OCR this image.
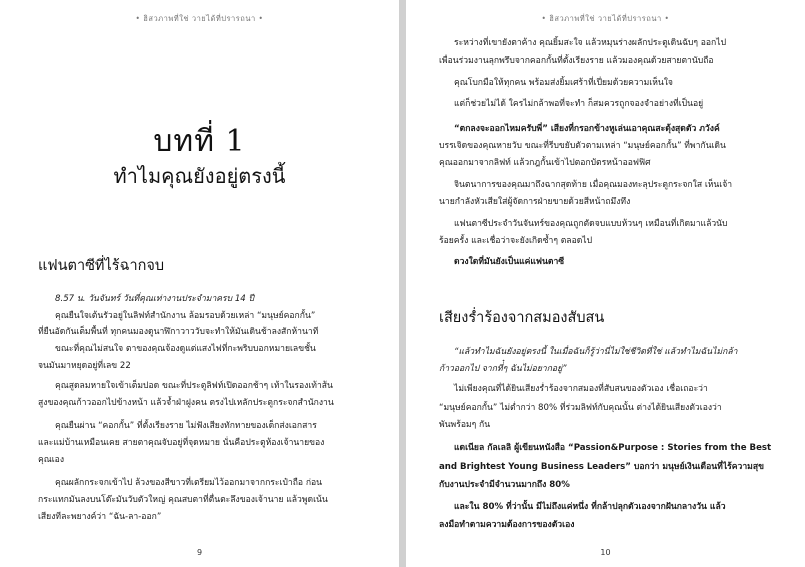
• ฮิสวภาพที่ใช่ วายได้ที่ปรารถนา •
บทที่ 1
ทำไมคุณยังอยู่ตรงนี้
แฟนตาซีที่ไร้ฉากจบ
8.57 น. วันจันทร์ วันที่คุณเท่างานประจำมาครบ 14 ปี
คุณยืนใจเต้นรัวอยู่ในลิฟท์สำนักงาน ล้อมรอบด้วยเหล่า “มนุษย์คอกกั้น”
ที่ยืนอัดกันเต็มพื้นที่ ทุกคนมองดูนาฬิกาวาววับจะทำให้มันเดินช้าลงสักห้านาที
ขณะที่คุณไม่สนใจ ตาของคุณจ้องดูแต่แสงไฟที่กะพริบบอกหมายเลขชั้น
จนมันมาหยุดอยู่ที่เลข 22
คุณสูดลมหายใจเข้าเต็มปอด ขณะที่ประตูลิฟท์เปิดออกช้าๆ เท้าในรองเท้าส้น
สูงของคุณก้าวออกไปข้างหน้า แล้วจ้ำฝ่าฝูงคน ตรงไปเหลักประตูกระจกสำนักงาน
คุณยืนผ่าน “คอกกั้น” ที่ตั้งเรียงราย ไม่ฟังเสียงทักทายของเด็กส่งเอกสาร
และแม่บ้านเหมือนเคย สายตาคุณจับอยู่ที่จุดหมาย นั่นคือประตูห้องเจ้านายของ
คุณเอง
คุณผลักกระจกเข้าไป ล้วงของสีขาวที่เตรียมไว้ออกมาจากกระเป๋าถือ ก่อน
กระแทกมันลงบนโต๊ะมันวับตัวใหญ่ คุณสบตาที่ตื่นตะลึงของเจ้านาย แล้วพูดเน้น
เสียงทีละพยางค์ว่า “ฉัน-ลา-ออก”
9
• ฮิสวภาพที่ใช่ วายได้ที่ปรารถนา •
ระหว่างที่เขายังตาค้าง คุณยิ้มสะใจ แล้วหมุนร่างผลักประตูเดินฉับๆ ออกไป
เพื่อนร่วมงานลุกพรึบจากคอกกั้นที่ตั้งเรียงราย แล้วมองคุณด้วยสายตานับถือ
คุณโบกมือให้ทุกคน พร้อมส่งยิ้มเศร้าที่เปี่ยมด้วยความเห็นใจ
แต่ก็ช่วยไม่ได้ ใครไม่กล้าพอที่จะทำ ก็สมควรถูกจองจำอย่างที่เป็นอยู่
“ตกลงจะออกไหมครับพี่” เสียงที่กรอกข้างหูเล่นเอาคุณสะดุ้งสุดตัว ภวังค์
บรรเจิดของคุณหายวับ ขณะที่รีบขยับตัวตามเหล่า “มนุษย์คอกกั้น” ที่พากันเดิน
คุณออกมาจากลิฟท์ แล้วกฎกั้นเข้าไปตอกบัตรหน้าออฟฟิศ
จินตนาการของคุณมาถึงฉากสุดท้าย เมื่อคุณมองทะลุประตูกระจกใส เห็นเจ้า
นายกำลังหัวเสียใส่ผู้จัดการฝ่ายขายด้วยสีหน้าถมึงทึง
แฟนตาซีประจำวันจันทร์ของคุณถูกตัดจบแบบห้วนๆ เหมือนที่เกิดมาแล้วนับ
ร้อยครั้ง และเชื่อว่าจะยังเกิดซ้ำๆ ตลอดไป
ดวงใดที่มันยังเป็นแค่แฟนตาซี
เสียงร่ำร้องจากสมองสับสน
“แล้วทำไมฉันยังอยู่ตรงนี้ ในเมื่อฉันก็รู้ว่านี่ไม่ใช่ชีวิตที่ใช่ แล้วทำไมฉันไม่กล้า
ก้าวออกไป จากที่๋ๆ ฉันไม่อยากอยู่”
ไม่เพียงคุณที่ได้ยินเสียงร่ำร้องจากสมองที่สับสนของตัวเอง เชื่อเถอะว่า
“มนุษย์คอกกั้น” ไม่ต่ำกว่า 80% ที่ร่วมลิฟท์กับคุณนั้น ต่างได้ยินเสียงตัวเองว่า
พันพร้อมๆ กัน
แดเนียล กัลเลลิ ผู้เขียนหนังสือ “Passion&Purpose : Stories from the Best
and Brightest Young Business Leaders” บอกว่า มนุษย์เงินเดือนที่ไร้ความสุข
กับงานประจำมีจำนวนมากถึง 80%
และใน 80% ที่ว่านั้น มีไม่ถึงแค่หนึ่ง ที่กล้าปลุกตัวเองจากฝันกลางวัน แล้ว
ลงมือทำตามความต้องการของตัวเอง
10
